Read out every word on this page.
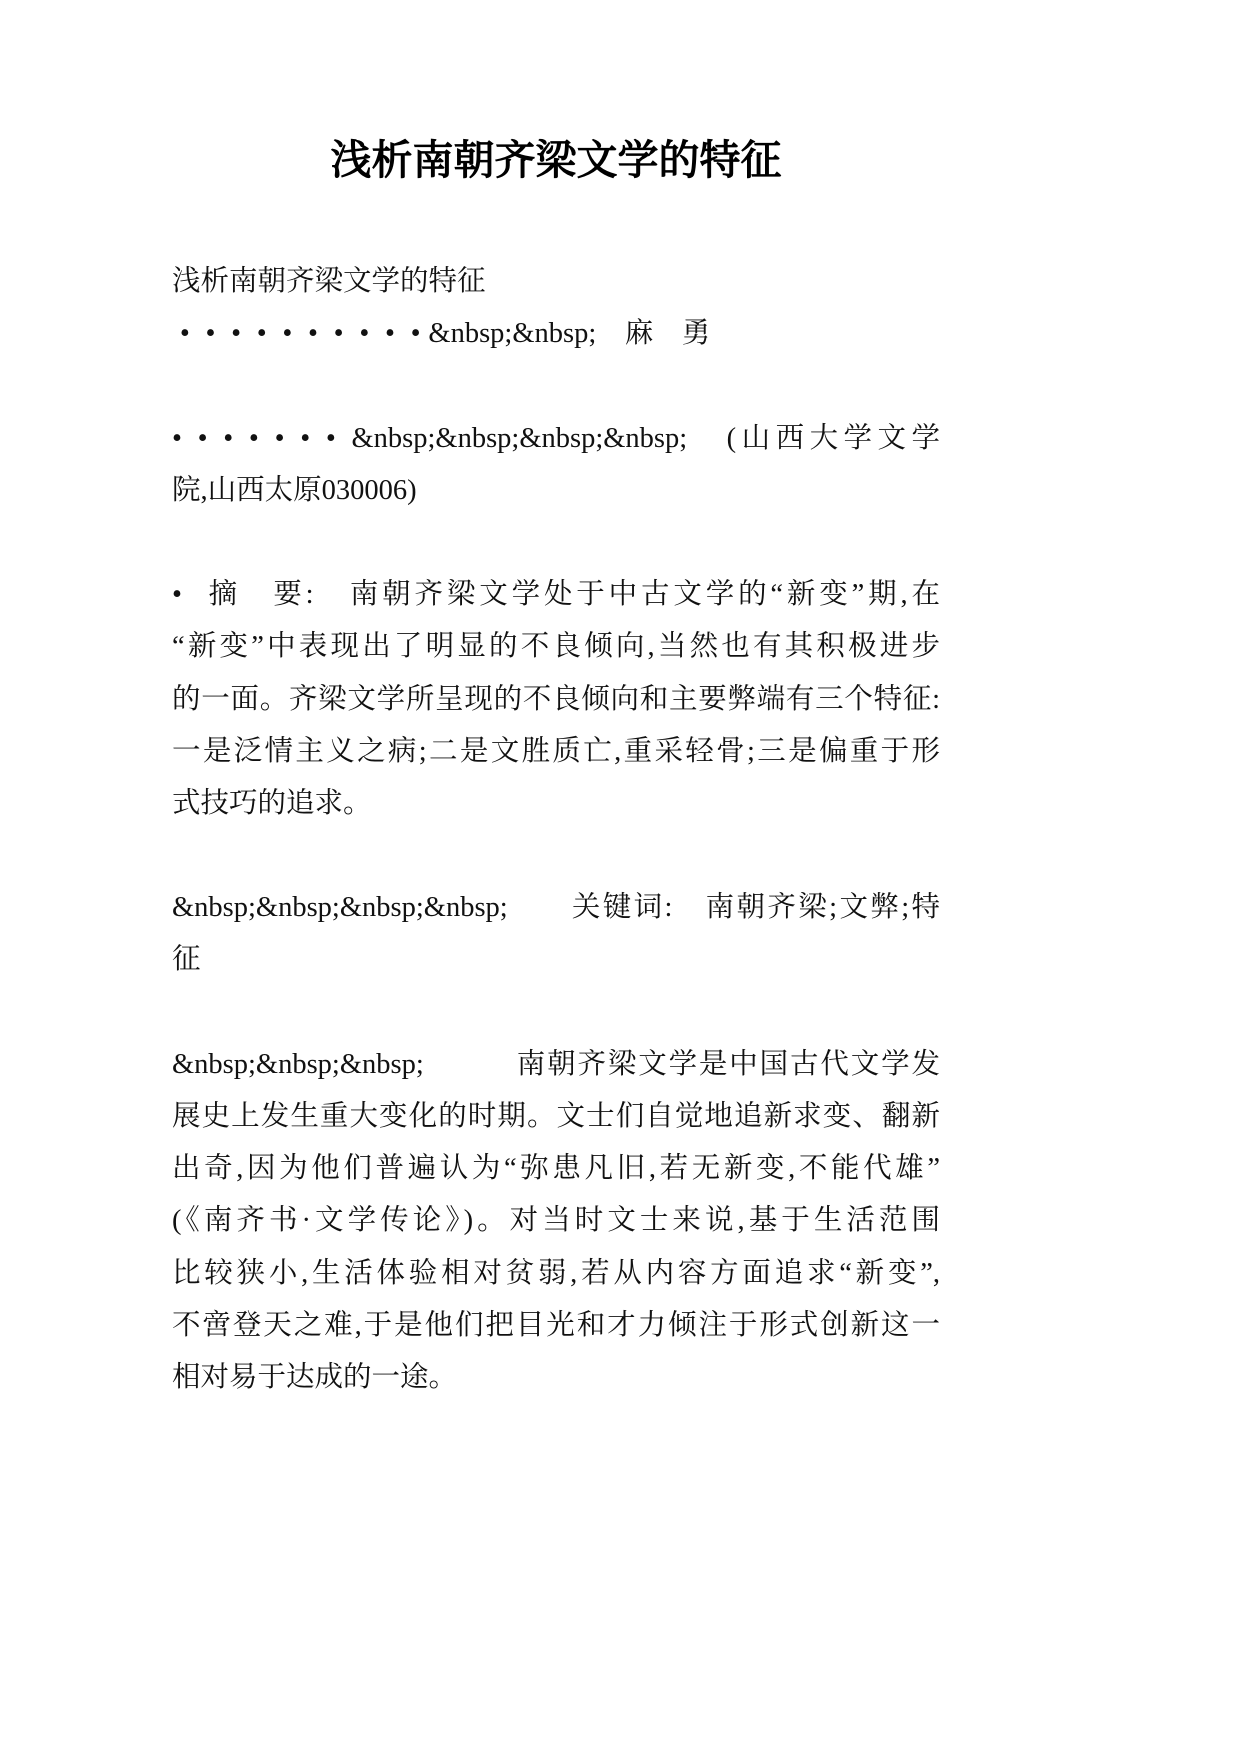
浅析南朝齐梁文学的特征
浅析南朝齐梁文学的特征
• • • • • • • • • • &nbsp;&nbsp;　麻　勇
• • • • • • • &nbsp;&nbsp;&nbsp;&nbsp;　(山西大学文学
院,山西太原030006)
• 摘　要:　南朝齐梁文学处于中古文学的“新变”期,在
“新变”中表现出了明显的不良倾向,当然也有其积极进步
的一面。齐梁文学所呈现的不良倾向和主要弊端有三个特征:
一是泛情主义之病;二是文胜质亡,重采轻骨;三是偏重于形
式技巧的追求。
&nbsp;&nbsp;&nbsp;&nbsp;　　关键词:　南朝齐梁;文弊;特
征
&nbsp;&nbsp;&nbsp;　　　南朝齐梁文学是中国古代文学发
展史上发生重大变化的时期。文士们自觉地追新求变、翻新
出奇,因为他们普遍认为“弥患凡旧,若无新变,不能代雄”
(《南齐书·文学传论》)。对当时文士来说,基于生活范围
比较狭小,生活体验相对贫弱,若从内容方面追求“新变”,
不啻登天之难,于是他们把目光和才力倾注于形式创新这一
相对易于达成的一途。
